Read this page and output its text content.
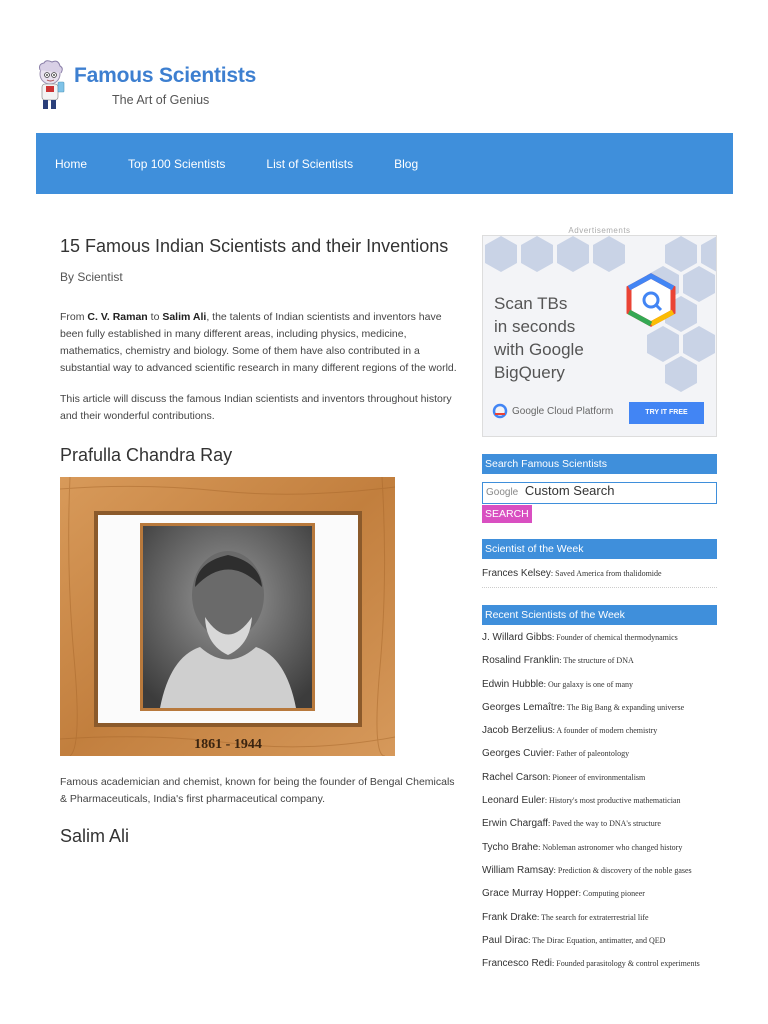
Famous Scientists
The Art of Genius
Home	Top 100 Scientists	List of Scientists	Blog
15 Famous Indian Scientists and their Inventions
By Scientist

From C. V. Raman to Salim Ali, the talents of Indian scientists and inventors have been fully established in many different areas, including physics, medicine, mathematics, chemistry and biology. Some of them have also contributed in a substantial way to advanced scientific research in many different regions of the world.

This article will discuss the famous Indian scientists and inventors throughout history and their wonderful contributions.

Prafulla Chandra Ray
1861 - 1944

Famous academician and chemist, known for being the founder of Bengal Chemicals & Pharmaceuticals, India's first pharmaceutical company.

Salim Ali
Advertisements
Scan TBs
in seconds
with Google
BigQuery
Google Cloud Platform	TRY IT FREE
Search Famous Scientists
Google Custom Search
SEARCH
Scientist of the Week
Frances Kelsey: Saved America from thalidomide
Recent Scientists of the Week
J. Willard Gibbs: Founder of chemical thermodynamics
Rosalind Franklin: The structure of DNA
Edwin Hubble: Our galaxy is one of many
Georges Lemaître: The Big Bang & expanding universe
Jacob Berzelius: A founder of modern chemistry
Georges Cuvier: Father of paleontology
Rachel Carson: Pioneer of environmentalism
Leonard Euler: History's most productive mathematician
Erwin Chargaff: Paved the way to DNA's structure
Tycho Brahe: Nobleman astronomer who changed history
William Ramsay: Prediction & discovery of the noble gases
Grace Murray Hopper: Computing pioneer
Frank Drake: The search for extraterrestrial life
Paul Dirac: The Dirac Equation, antimatter, and QED
Francesco Redi: Founded parasitology & control experiments
